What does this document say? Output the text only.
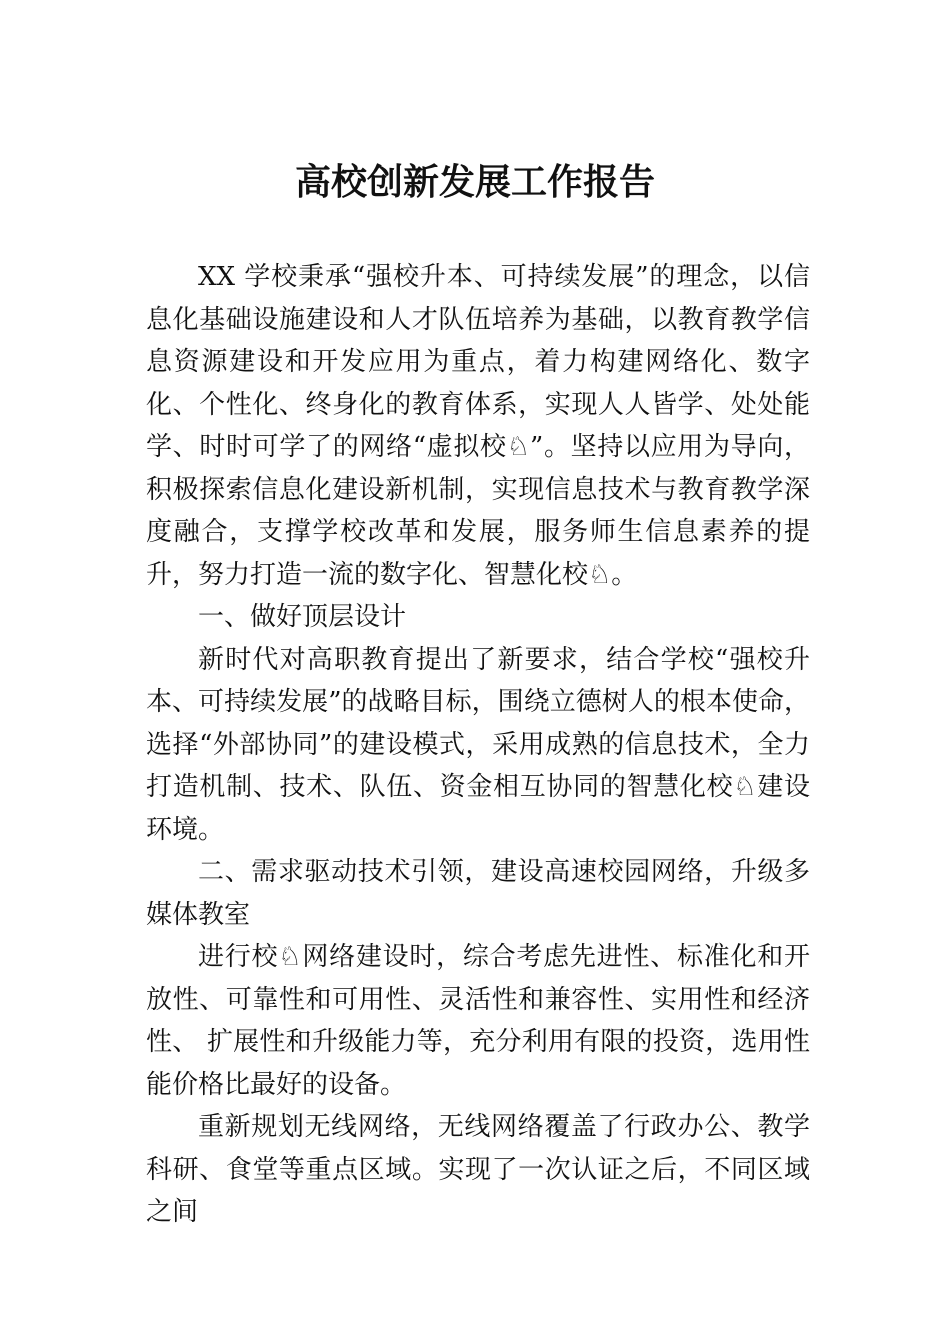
高校创新发展工作报告

XX 学校秉承“强校升本、可持续发展”的理念，以信息化基础设施建设和人才队伍培养为基础，以教育教学信息资源建设和开发应用为重点，着力构建网络化、数字化、个性化、终身化的教育体系，实现人人皆学、处处能学、时时可学了的网络“虚拟校♘”。坚持以应用为导向，积极探索信息化建设新机制，实现信息技术与教育教学深度融合，支撑学校改革和发展，服务师生信息素养的提升，努力打造一流的数字化、智慧化校♘。

一、做好顶层设计

新时代对高职教育提出了新要求，结合学校“强校升本、可持续发展”的战略目标，围绕立德树人的根本使命，选择“外部协同”的建设模式，采用成熟的信息技术，全力打造机制、技术、队伍、资金相互协同的智慧化校♘建设环境。

二、需求驱动技术引领，建设高速校园网络，升级多媒体教室

进行校♘网络建设时，综合考虑先进性、标准化和开放性、可靠性和可用性、灵活性和兼容性、实用性和经济性、 扩展性和升级能力等，充分利用有限的投资，选用性能价格比最好的设备。

重新规划无线网络，无线网络覆盖了行政办公、教学科研、食堂等重点区域。实现了一次认证之后，不同区域之间
